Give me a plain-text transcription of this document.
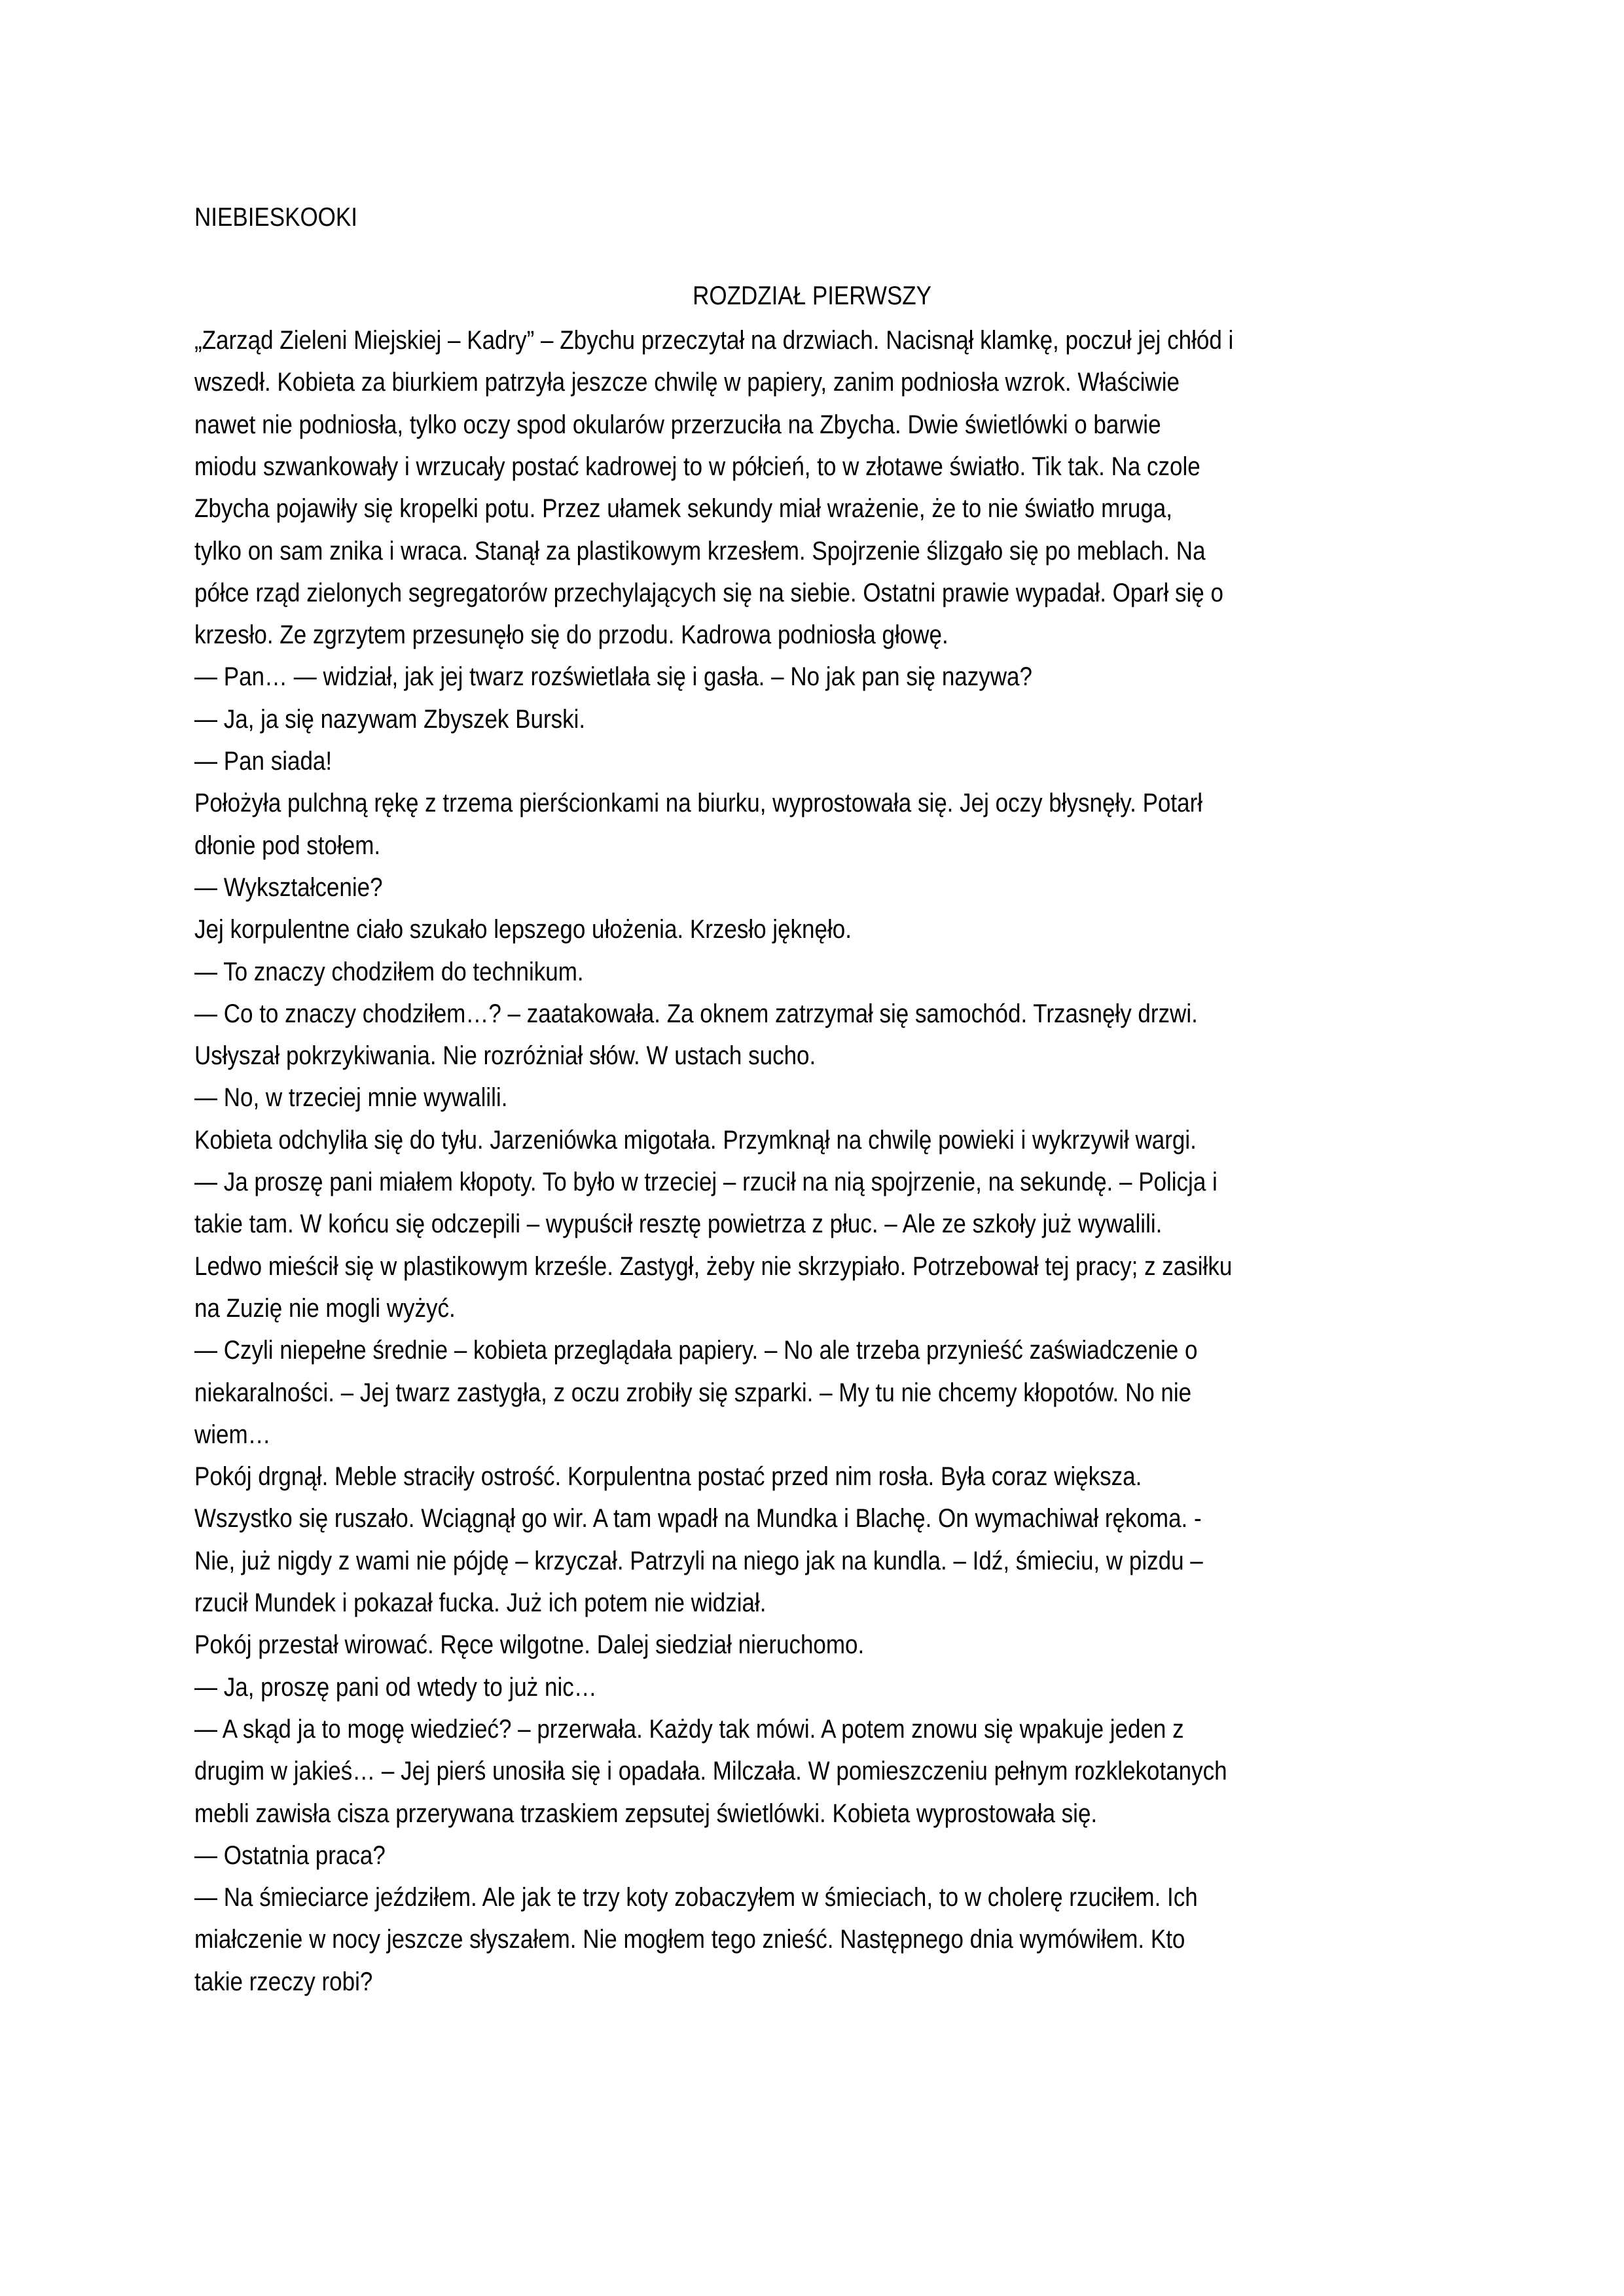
NIEBIESKOOKI
ROZDZIAŁ PIERWSZY
„Zarząd Zieleni Miejskiej – Kadry” – Zbychu przeczytał na drzwiach. Nacisnął klamkę, poczuł jej chłód i
wszedł. Kobieta za biurkiem patrzyła jeszcze chwilę w papiery, zanim podniosła wzrok. Właściwie
nawet nie podniosła, tylko oczy spod okularów przerzuciła na Zbycha. Dwie świetlówki o barwie
miodu szwankowały i wrzucały postać kadrowej to w półcień, to w złotawe światło. Tik tak. Na czole
Zbycha pojawiły się kropelki potu. Przez ułamek sekundy miał wrażenie, że to nie światło mruga,
tylko on sam znika i wraca. Stanął za plastikowym krzesłem. Spojrzenie ślizgało się po meblach. Na
półce rząd zielonych segregatorów przechylających się na siebie. Ostatni prawie wypadał. Oparł się o
krzesło. Ze zgrzytem przesunęło się do przodu. Kadrowa podniosła głowę.
— Pan… — widział, jak jej twarz rozświetlała się i gasła. – No jak pan się nazywa?
— Ja, ja się nazywam Zbyszek Burski.
— Pan siada!
Położyła pulchną rękę z trzema pierścionkami na biurku, wyprostowała się. Jej oczy błysnęły. Potarł
dłonie pod stołem.
— Wykształcenie?
Jej korpulentne ciało szukało lepszego ułożenia. Krzesło jęknęło.
— To znaczy chodziłem do technikum.
— Co to znaczy chodziłem…? – zaatakowała. Za oknem zatrzymał się samochód. Trzasnęły drzwi.
Usłyszał pokrzykiwania. Nie rozróżniał słów. W ustach sucho.
— No, w trzeciej mnie wywalili.
Kobieta odchyliła się do tyłu. Jarzeniówka migotała. Przymknął na chwilę powieki i wykrzywił wargi.
— Ja proszę pani miałem kłopoty. To było w trzeciej – rzucił na nią spojrzenie, na sekundę. – Policja i
takie tam. W końcu się odczepili – wypuścił resztę powietrza z płuc. – Ale ze szkoły już wywalili.
Ledwo mieścił się w plastikowym krześle. Zastygł, żeby nie skrzypiało. Potrzebował tej pracy; z zasiłku
na Zuzię nie mogli wyżyć.
— Czyli niepełne średnie – kobieta przeglądała papiery. – No ale trzeba przynieść zaświadczenie o
niekaralności. – Jej twarz zastygła, z oczu zrobiły się szparki. – My tu nie chcemy kłopotów. No nie
wiem…
Pokój drgnął. Meble straciły ostrość. Korpulentna postać przed nim rosła. Była coraz większa.
Wszystko się ruszało. Wciągnął go wir. A tam wpadł na Mundka i Blachę. On wymachiwał rękoma. -
Nie, już nigdy z wami nie pójdę – krzyczał. Patrzyli na niego jak na kundla. – Idź, śmieciu, w pizdu –
rzucił Mundek i pokazał fucka. Już ich potem nie widział.
Pokój przestał wirować. Ręce wilgotne. Dalej siedział nieruchomo.
— Ja, proszę pani od wtedy to już nic…
— A skąd ja to mogę wiedzieć? – przerwała. Każdy tak mówi. A potem znowu się wpakuje jeden z
drugim w jakieś… – Jej pierś unosiła się i opadała. Milczała. W pomieszczeniu pełnym rozklekotanych
mebli zawisła cisza przerywana trzaskiem zepsutej świetlówki. Kobieta wyprostowała się.
— Ostatnia praca?
— Na śmieciarce jeździłem. Ale jak te trzy koty zobaczyłem w śmieciach, to w cholerę rzuciłem. Ich
miałczenie w nocy jeszcze słyszałem. Nie mogłem tego znieść. Następnego dnia wymówiłem. Kto
takie rzeczy robi?
